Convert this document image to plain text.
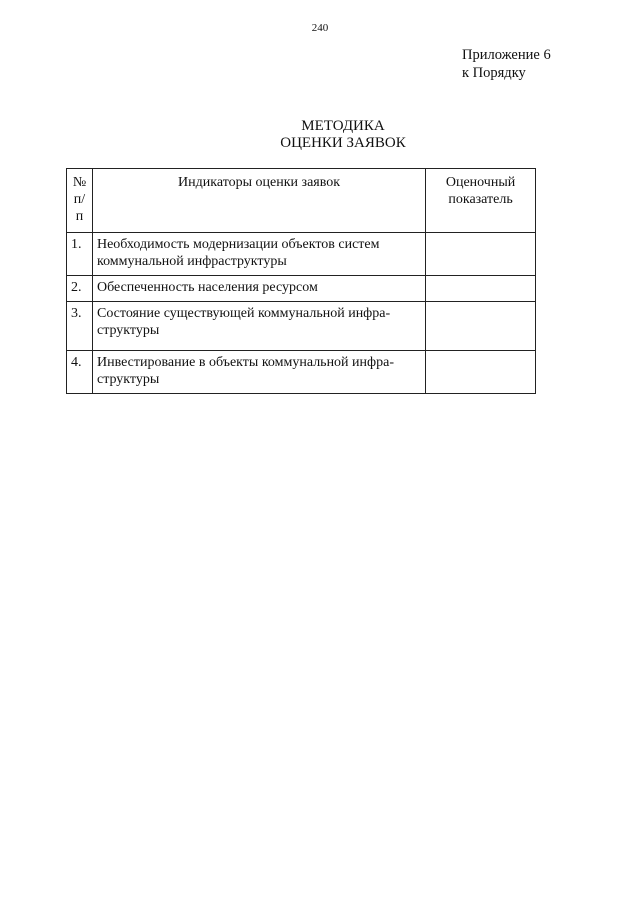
240
Приложение 6
к Порядку
МЕТОДИКА
ОЦЕНКИ ЗАЯВОК
№ п/п	Индикаторы оценки заявок	Оценочный показатель
1.	Необходимость модернизации объектов систем коммунальной инфраструктуры	
2.	Обеспеченность населения ресурсом	
3.	Состояние существующей коммунальной инфра-структуры	
4.	Инвестирование в объекты коммунальной инфра-структуры	
